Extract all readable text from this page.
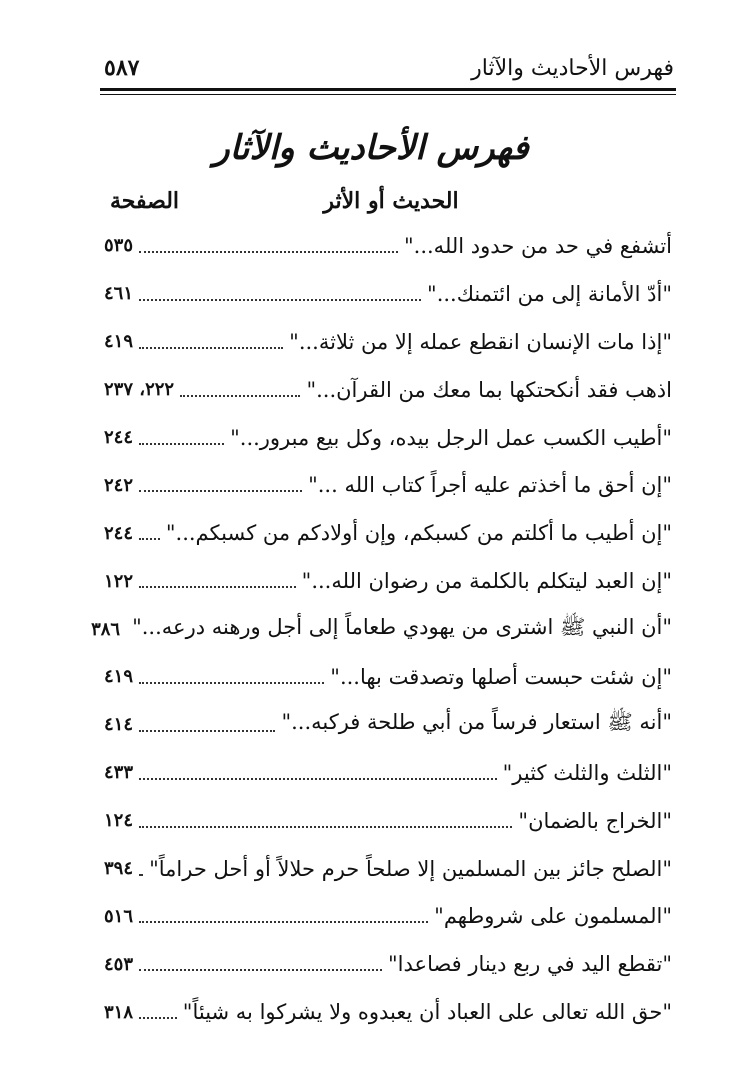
٥٨٧	فهرس الأحاديث والآثار
فهرس الأحاديث والآثار
الصفحة	الحديث أو الأثر
أتشفع في حد من حدود الله..."
٥٣٥
"أدّ الأمانة إلى من ائتمنك..."
٤٦١
"إذا مات الإنسان انقطع عمله إلا من ثلاثة..."
٤١٩
اذهب فقد أنكحتكها بما معك من القرآن..."
٢٢٢، ٢٣٧
"أطيب الكسب عمل الرجل بيده، وكل بيع مبرور..."
٢٤٤
"إن أحق ما أخذتم عليه أجراً كتاب الله ..."
٢٤٢
"إن أطيب ما أكلتم من كسبكم، وإن أولادكم من كسبكم..."
٢٤٤
"إن العبد ليتكلم بالكلمة من رضوان الله..."
١٢٢
"أن النبي ﷺ اشترى من يهودي طعاماً إلى أجل ورهنه درعه..."
٣٨٦
"إن شئت حبست أصلها وتصدقت بها..."
٤١٩
"أنه ﷺ استعار فرساً من أبي طلحة فركبه..."
٤١٤
"الثلث والثلث كثير"
٤٣٣
"الخراج بالضمان"
١٢٤
"الصلح جائز بين المسلمين إلا صلحاً حرم حلالاً أو أحل حراماً"
٣٩٤
"المسلمون على شروطهم"
٥١٦
"تقطع اليد في ربع دينار فصاعدا"
٤٥٣
"حق الله تعالى على العباد أن يعبدوه ولا يشركوا به شيئاً"
٣١٨
